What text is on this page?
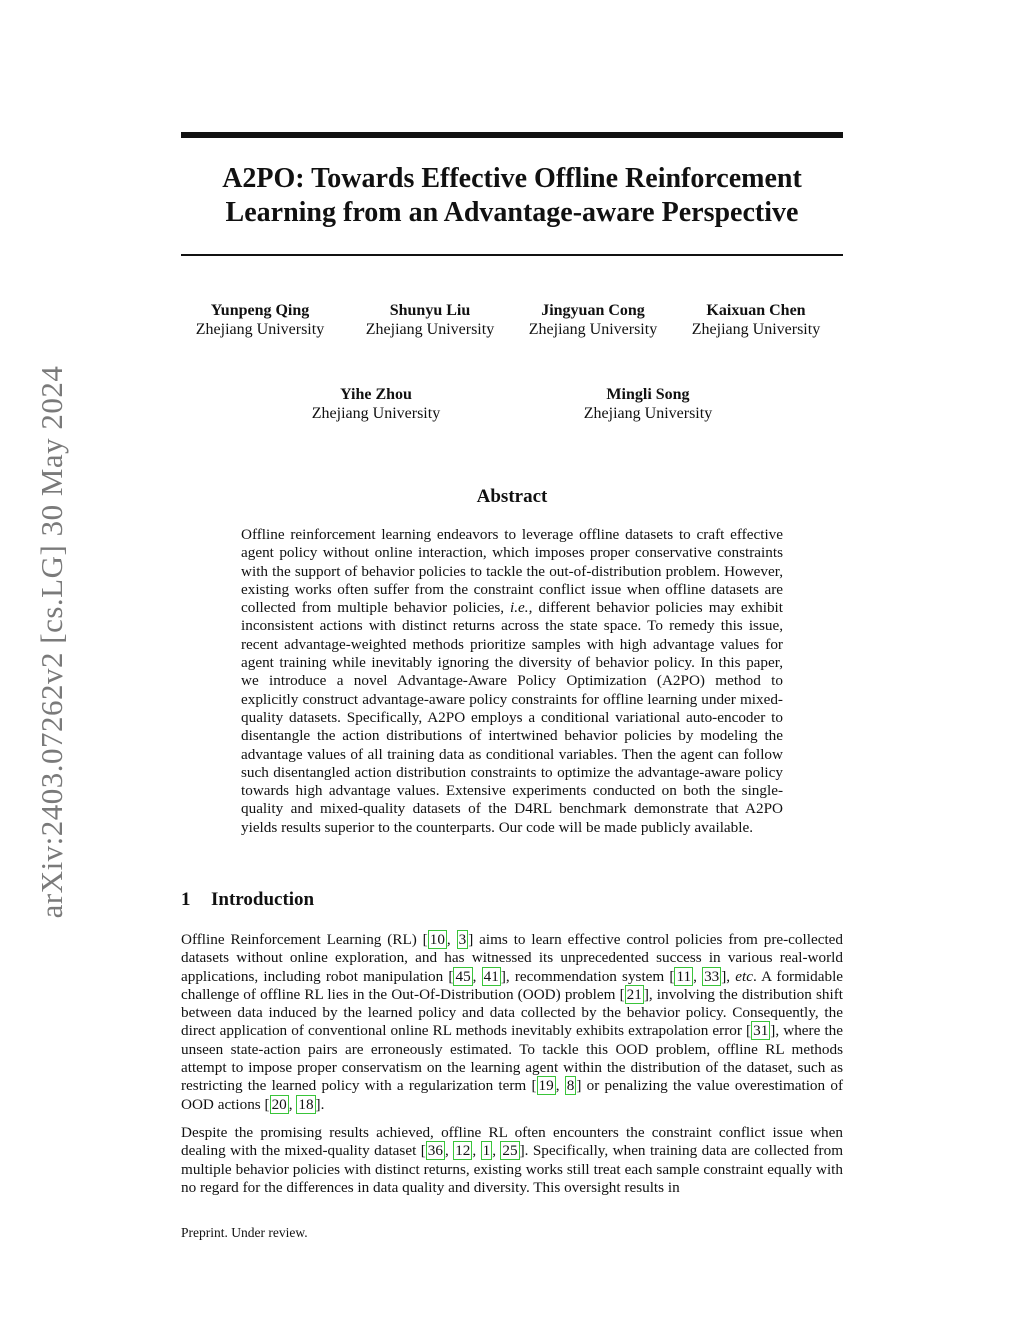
arXiv:2403.07262v2 [cs.LG] 30 May 2024
A2PO: Towards Effective Offline Reinforcement
Learning from an Advantage-aware Perspective
Yunpeng Qing
Zhejiang University
Shunyu Liu
Zhejiang University
Jingyuan Cong
Zhejiang University
Kaixuan Chen
Zhejiang University
Yihe Zhou
Zhejiang University
Mingli Song
Zhejiang University
Abstract

Offline reinforcement learning endeavors to leverage offline datasets to craft effective agent policy without online interaction, which imposes proper conservative constraints with the support of behavior policies to tackle the out-of-distribution problem. However, existing works often suffer from the constraint conflict issue when offline datasets are collected from multiple behavior policies, i.e., different behavior policies may exhibit inconsistent actions with distinct returns across the state space. To remedy this issue, recent advantage-weighted methods prioritize samples with high advantage values for agent training while inevitably ignoring the diversity of behavior policy. In this paper, we introduce a novel Advantage-Aware Policy Optimization (A2PO) method to explicitly construct advantage-aware policy constraints for offline learning under mixed-quality datasets. Specifically, A2PO employs a conditional variational auto-encoder to disentangle the action distributions of intertwined behavior policies by modeling the advantage values of all training data as conditional variables. Then the agent can follow such disentangled action distribution constraints to optimize the advantage-aware policy towards high advantage values. Extensive experiments conducted on both the single-quality and mixed-quality datasets of the D4RL benchmark demonstrate that A2PO yields results superior to the counterparts. Our code will be made publicly available.

1 Introduction

Offline Reinforcement Learning (RL) [ 10 , 3 ] aims to learn effective control policies from pre-collected datasets without online exploration, and has witnessed its unprecedented success in various real-world applications, including robot manipulation [ 45 , 41 ], recommendation system [ 11 , 33 ], etc. A formidable challenge of offline RL lies in the Out-Of-Distribution (OOD) problem [ 21 ], involving the distribution shift between data induced by the learned policy and data collected by the behavior policy. Consequently, the direct application of conventional online RL methods inevitably exhibits extrapolation error [ 31 ], where the unseen state-action pairs are erroneously estimated. To tackle this OOD problem, offline RL methods attempt to impose proper conservatism on the learning agent within the distribution of the dataset, such as restricting the learned policy with a regularization term [ 19 , 8 ] or penalizing the value overestimation of OOD actions [ 20 , 18 ].

Despite the promising results achieved, offline RL often encounters the constraint conflict issue when dealing with the mixed-quality dataset [ 36 , 12 , 1 , 25 ]. Specifically, when training data are collected from multiple behavior policies with distinct returns, existing works still treat each sample constraint equally with no regard for the differences in data quality and diversity. This oversight results in

Preprint. Under review.
